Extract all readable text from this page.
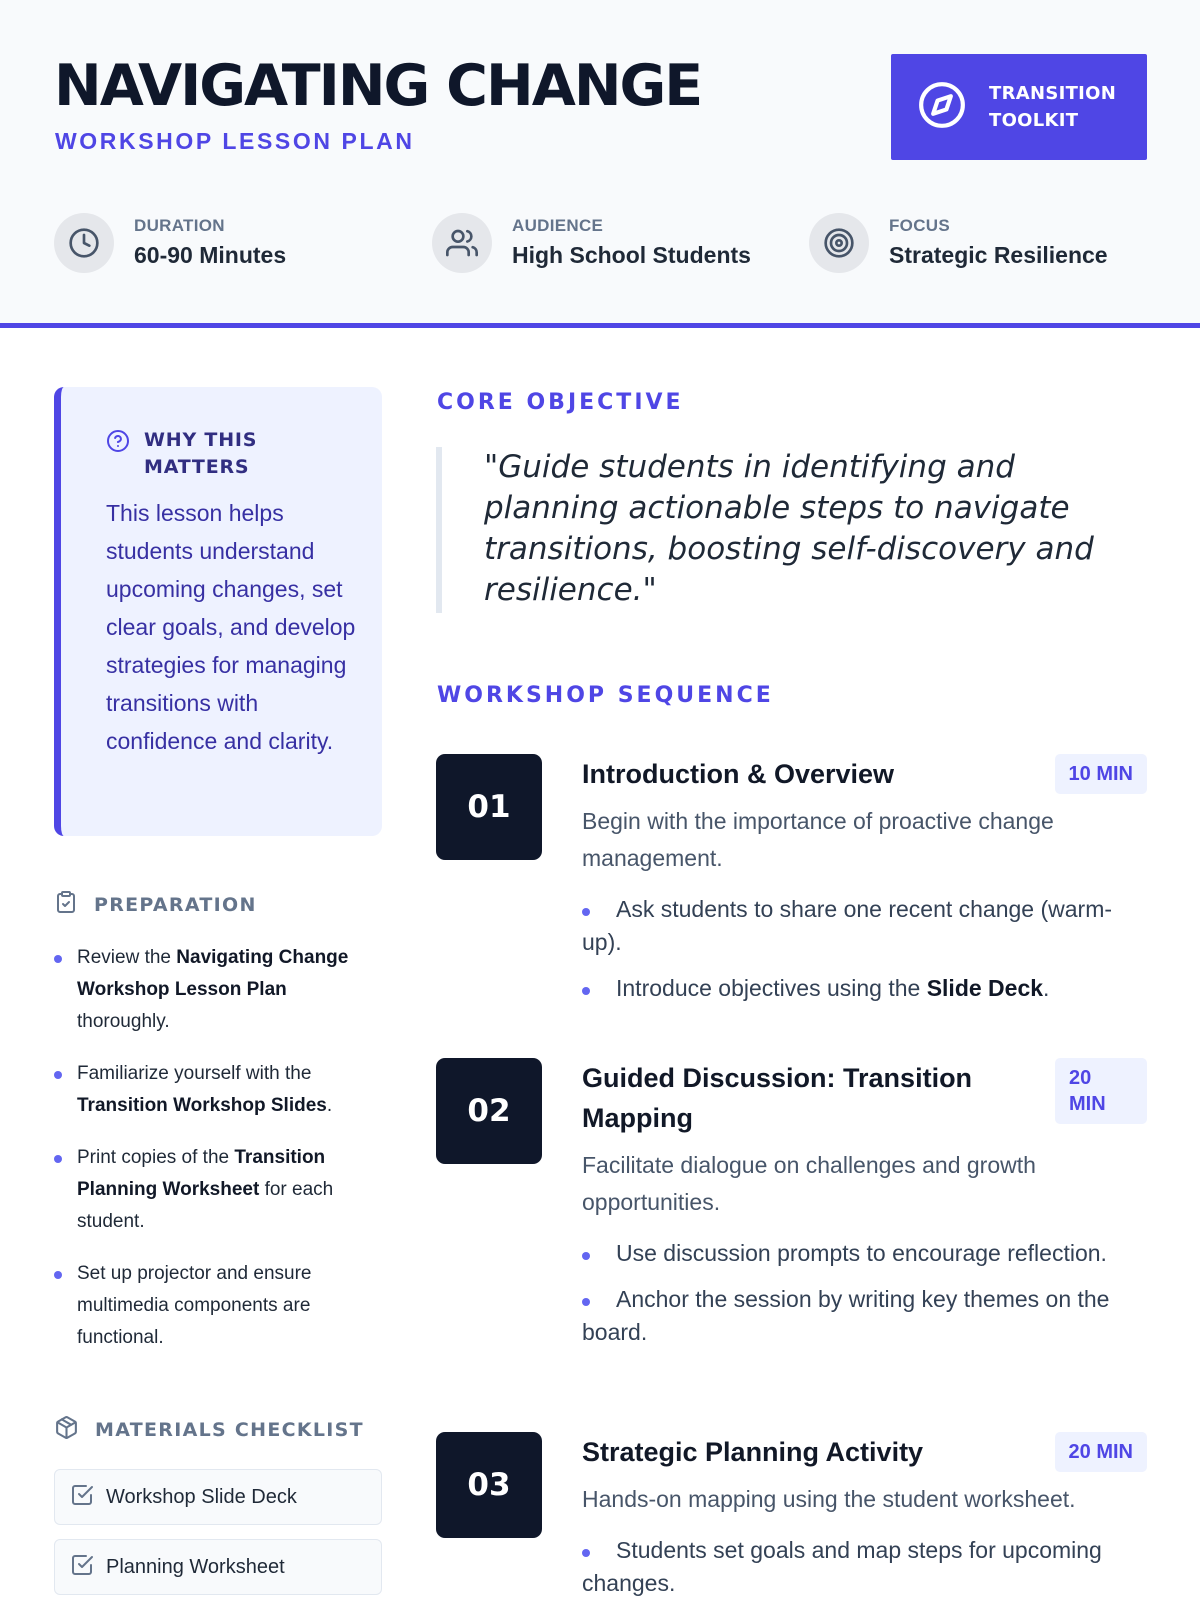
NAVIGATING CHANGE
WORKSHOP LESSON PLAN
TRANSITION TOOLKIT
DURATION
60-90 Minutes
AUDIENCE
High School Students
FOCUS
Strategic Resilience
WHY THIS MATTERS
This lesson helps students understand upcoming changes, set clear goals, and develop strategies for managing transitions with confidence and clarity.
PREPARATION
Review the Navigating Change Workshop Lesson Plan thoroughly.
Familiarize yourself with the Transition Workshop Slides.
Print copies of the Transition Planning Worksheet for each student.
Set up projector and ensure multimedia components are functional.
MATERIALS CHECKLIST
Workshop Slide Deck
Planning Worksheet
CORE OBJECTIVE
"Guide students in identifying and planning actionable steps to navigate transitions, boosting self-discovery and resilience."
WORKSHOP SEQUENCE
01
Introduction & Overview	10 MIN
Begin with the importance of proactive change management.
Ask students to share one recent change (warm-up).
Introduce objectives using the Slide Deck.
02
Guided Discussion: Transition Mapping
20 MIN
Facilitate dialogue on challenges and growth opportunities.
Use discussion prompts to encourage reflection.
Anchor the session by writing key themes on the board.
03
Strategic Planning Activity	20 MIN
Hands-on mapping using the student worksheet.
Students set goals and map steps for upcoming changes.
